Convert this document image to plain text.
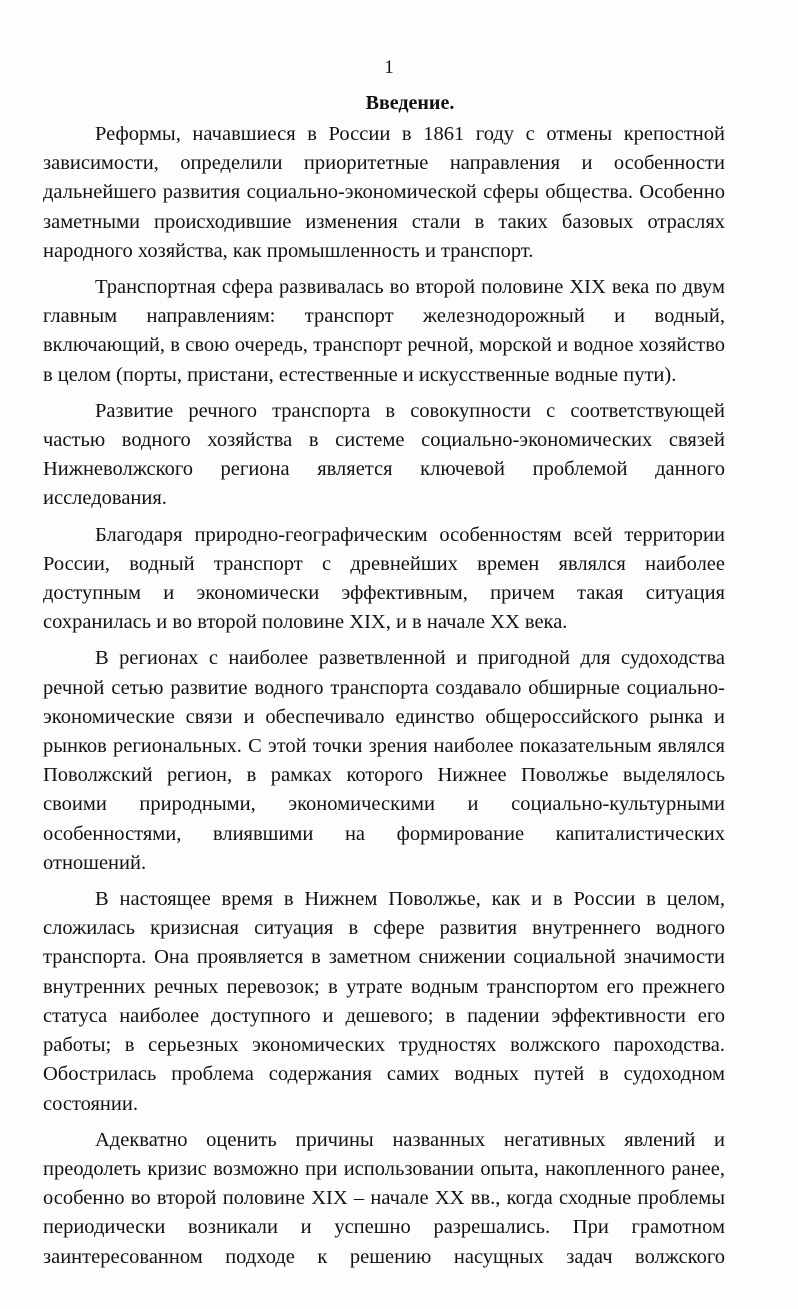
1
Введение.

Реформы, начавшиеся в России в 1861 году с отмены крепостной зависимости, определили приоритетные направления и особенности дальнейшего развития социально-экономической сферы общества. Особенно заметными происходившие изменения стали в таких базовых отраслях народного хозяйства, как промышленность и транспорт.

Транспортная сфера развивалась во второй половине XIX века по двум главным направлениям: транспорт железнодорожный и водный, включающий, в свою очередь, транспорт речной, морской и водное хозяйство в целом (порты, пристани, естественные и искусственные водные пути).

Развитие речного транспорта в совокупности с соответствующей частью водного хозяйства в системе социально-экономических связей Нижневолжского региона является ключевой проблемой данного исследования.

Благодаря природно-географическим особенностям всей территории России, водный транспорт с древнейших времен являлся наиболее доступным и экономически эффективным, причем такая ситуация сохранилась и во второй половине XIX, и в начале XX века.

В регионах с наиболее разветвленной и пригодной для судоходства речной сетью развитие водного транспорта создавало обширные социально-экономические связи и обеспечивало единство общероссийского рынка и рынков региональных. С этой точки зрения наиболее показательным являлся Поволжский регион, в рамках которого Нижнее Поволжье выделялось своими природными, экономическими и социально-культурными особенностями, влиявшими на формирование капиталистических отношений.

В настоящее время в Нижнем Поволжье, как и в России в целом, сложилась кризисная ситуация в сфере развития внутреннего водного транспорта. Она проявляется в заметном снижении социальной значимости внутренних речных перевозок; в утрате водным транспортом его прежнего статуса наиболее доступного и дешевого; в падении эффективности его работы; в серьезных экономических трудностях волжского пароходства. Обострилась проблема содержания самих водных путей в судоходном состоянии.

Адекватно оценить причины названных негативных явлений и преодолеть кризис возможно при использовании опыта, накопленного ранее, особенно во второй половине XIX – начале XX вв., когда сходные проблемы периодически возникали и успешно разрешались. При грамотном заинтересованном подходе к решению насущных задач волжского
